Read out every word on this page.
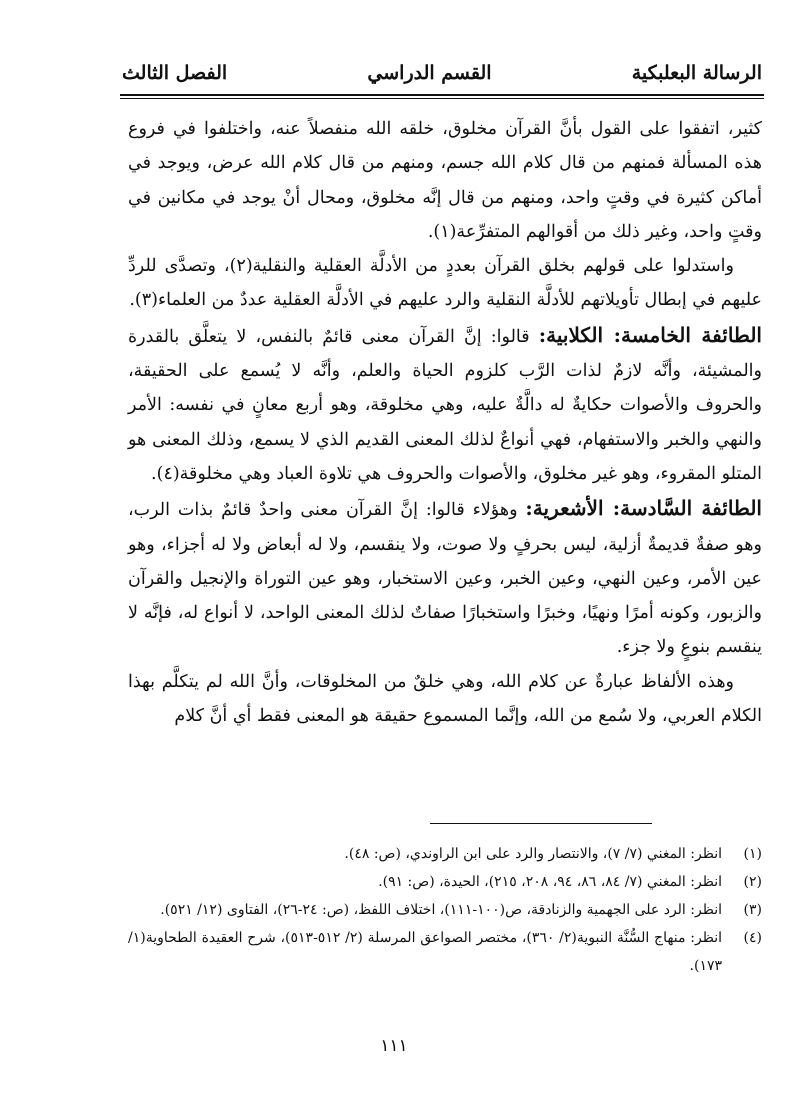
الرسالة البعلبكية
القسم الدراسي
الفصل الثالث

كثير، اتفقوا على القول بأنَّ القرآن مخلوق، خلقه الله منفصلاً عنه، واختلفوا في فروع هذه المسألة فمنهم من قال كلام الله جسم، ومنهم من قال كلام الله عرض، ويوجد في أماكن كثيرة في وقتٍ واحد، ومنهم من قال إنَّه مخلوق، ومحال أنْ يوجد في مكانين في وقتٍ واحد، وغير ذلك من أقوالهم المتفرِّعة(١).

واستدلوا على قولهم بخلق القرآن بعددٍ من الأدلَّة العقلية والنقلية(٢)، وتصدَّى للردِّ عليهم في إبطال تأويلاتهم للأدلَّة النقلية والرد عليهم في الأدلَّة العقلية عددٌ من العلماء(٣).

الطائفة الخامسة: الكلابية: قالوا: إنَّ القرآن معنى قائمٌ بالنفس، لا يتعلَّق بالقدرة والمشيئة، وأنَّه لازمٌ لذات الرَّب كلزوم الحياة والعلم، وأنَّه لا يُسمع على الحقيقة، والحروف والأصوات حكايةٌ له دالَّةٌ عليه، وهي مخلوقة، وهو أربع معانٍ في نفسه: الأمر والنهي والخبر والاستفهام، فهي أنواعٌ لذلك المعنى القديم الذي لا يسمع، وذلك المعنى هو المتلو المقروء، وهو غير مخلوق، والأصوات والحروف هي تلاوة العباد وهي مخلوقة(٤).

الطائفة السَّادسة: الأشعرية: وهؤلاء قالوا: إنَّ القرآن معنى واحدٌ قائمٌ بذات الرب، وهو صفةٌ قديمةٌ أزلية، ليس بحرفٍ ولا صوت، ولا ينقسم، ولا له أبعاض ولا له أجزاء، وهو عين الأمر، وعين النهي، وعين الخبر، وعين الاستخبار، وهو عين التوراة والإنجيل والقرآن والزبور، وكونه أمرًا ونهيًا، وخبرًا واستخبارًا صفاتٌ لذلك المعنى الواحد، لا أنواع له، فإنَّه لا ينقسم بنوعٍ ولا جزء.

وهذه الألفاظ عبارةٌ عن كلام الله، وهي خلقٌ من المخلوقات، وأنَّ الله لم يتكلَّم بهذا الكلام العربي، ولا سُمع من الله، وإنَّما المسموع حقيقة هو المعنى فقط أي أنَّ كلام

(١)
انظر: المغني (٧/ ٧)، والانتصار والرد على ابن الراوندي، (ص: ٤٨).
(٢)
انظر: المغني (٧/ ٨٤، ٨٦، ٩٤، ٢٠٨، ٢١٥)، الحيدة، (ص: ٩١).
(٣)
انظر: الرد على الجهمية والزنادقة، ص(١٠٠-١١١)، اختلاف اللفظ، (ص: ٢٤-٢٦)، الفتاوى (١٢/ ٥٢١).
(٤)
انظر: منهاج السُّنَّة النبوية(٢/ ٣٦٠)، مختصر الصواعق المرسلة (٢/ ٥١٢-٥١٣)، شرح العقيدة الطحاوية(١/ ١٧٣).
١١١
